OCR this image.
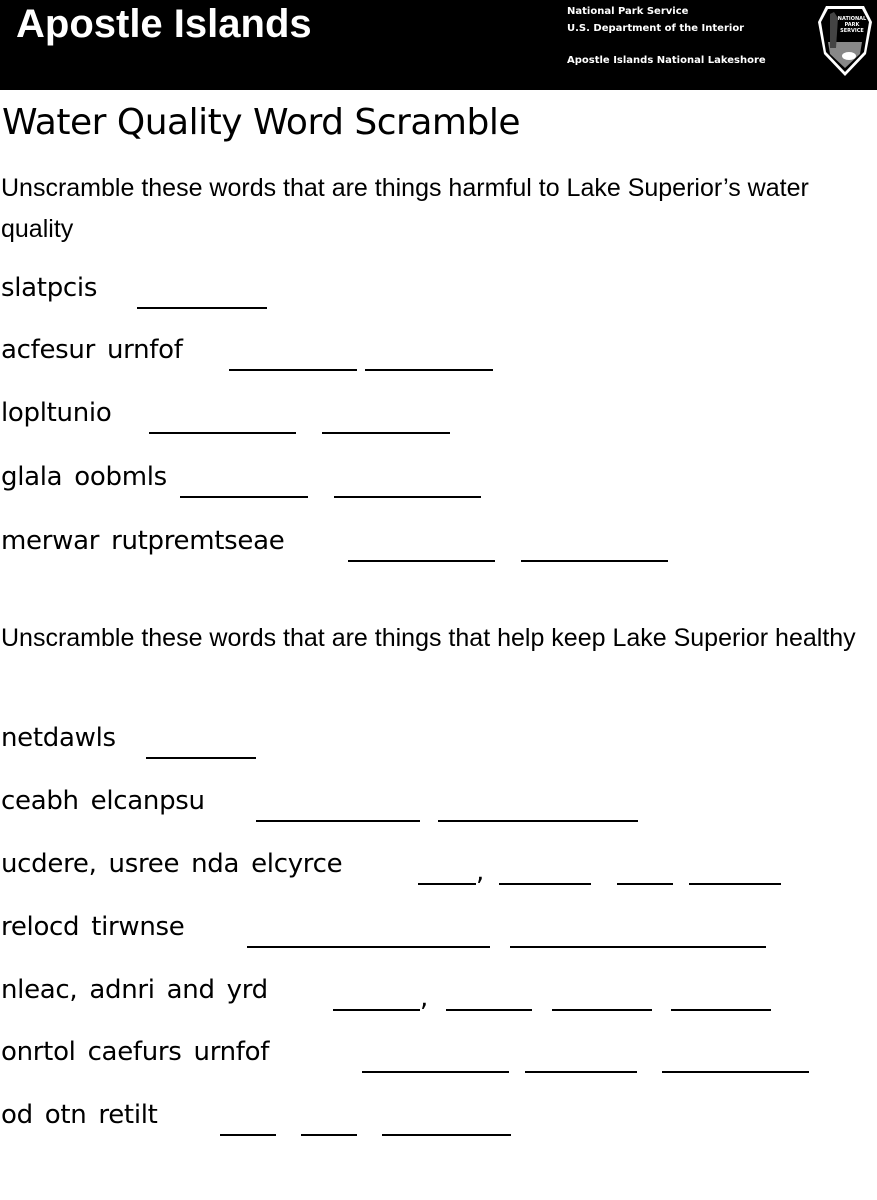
Apostle Islands	National Park Service
U.S. Department of the Interior
Apostle Islands National Lakeshore
NATIONAL
PARK
SERVICE
Water Quality Word Scramble
Unscramble these words that are things harmful to Lake Superior’s water quality
slatpcis
acfesur urnfof
lopltunio
glala oobmls
merwar rutpremtseae
Unscramble these words that are things that help keep Lake Superior healthy
netdawls
ceabh elcanpsu
ucdere, usree nda elcyrce	,
relocd tirwnse
nleac, adnri and yrd	,
onrtol caefurs urnfof
od otn retilt
